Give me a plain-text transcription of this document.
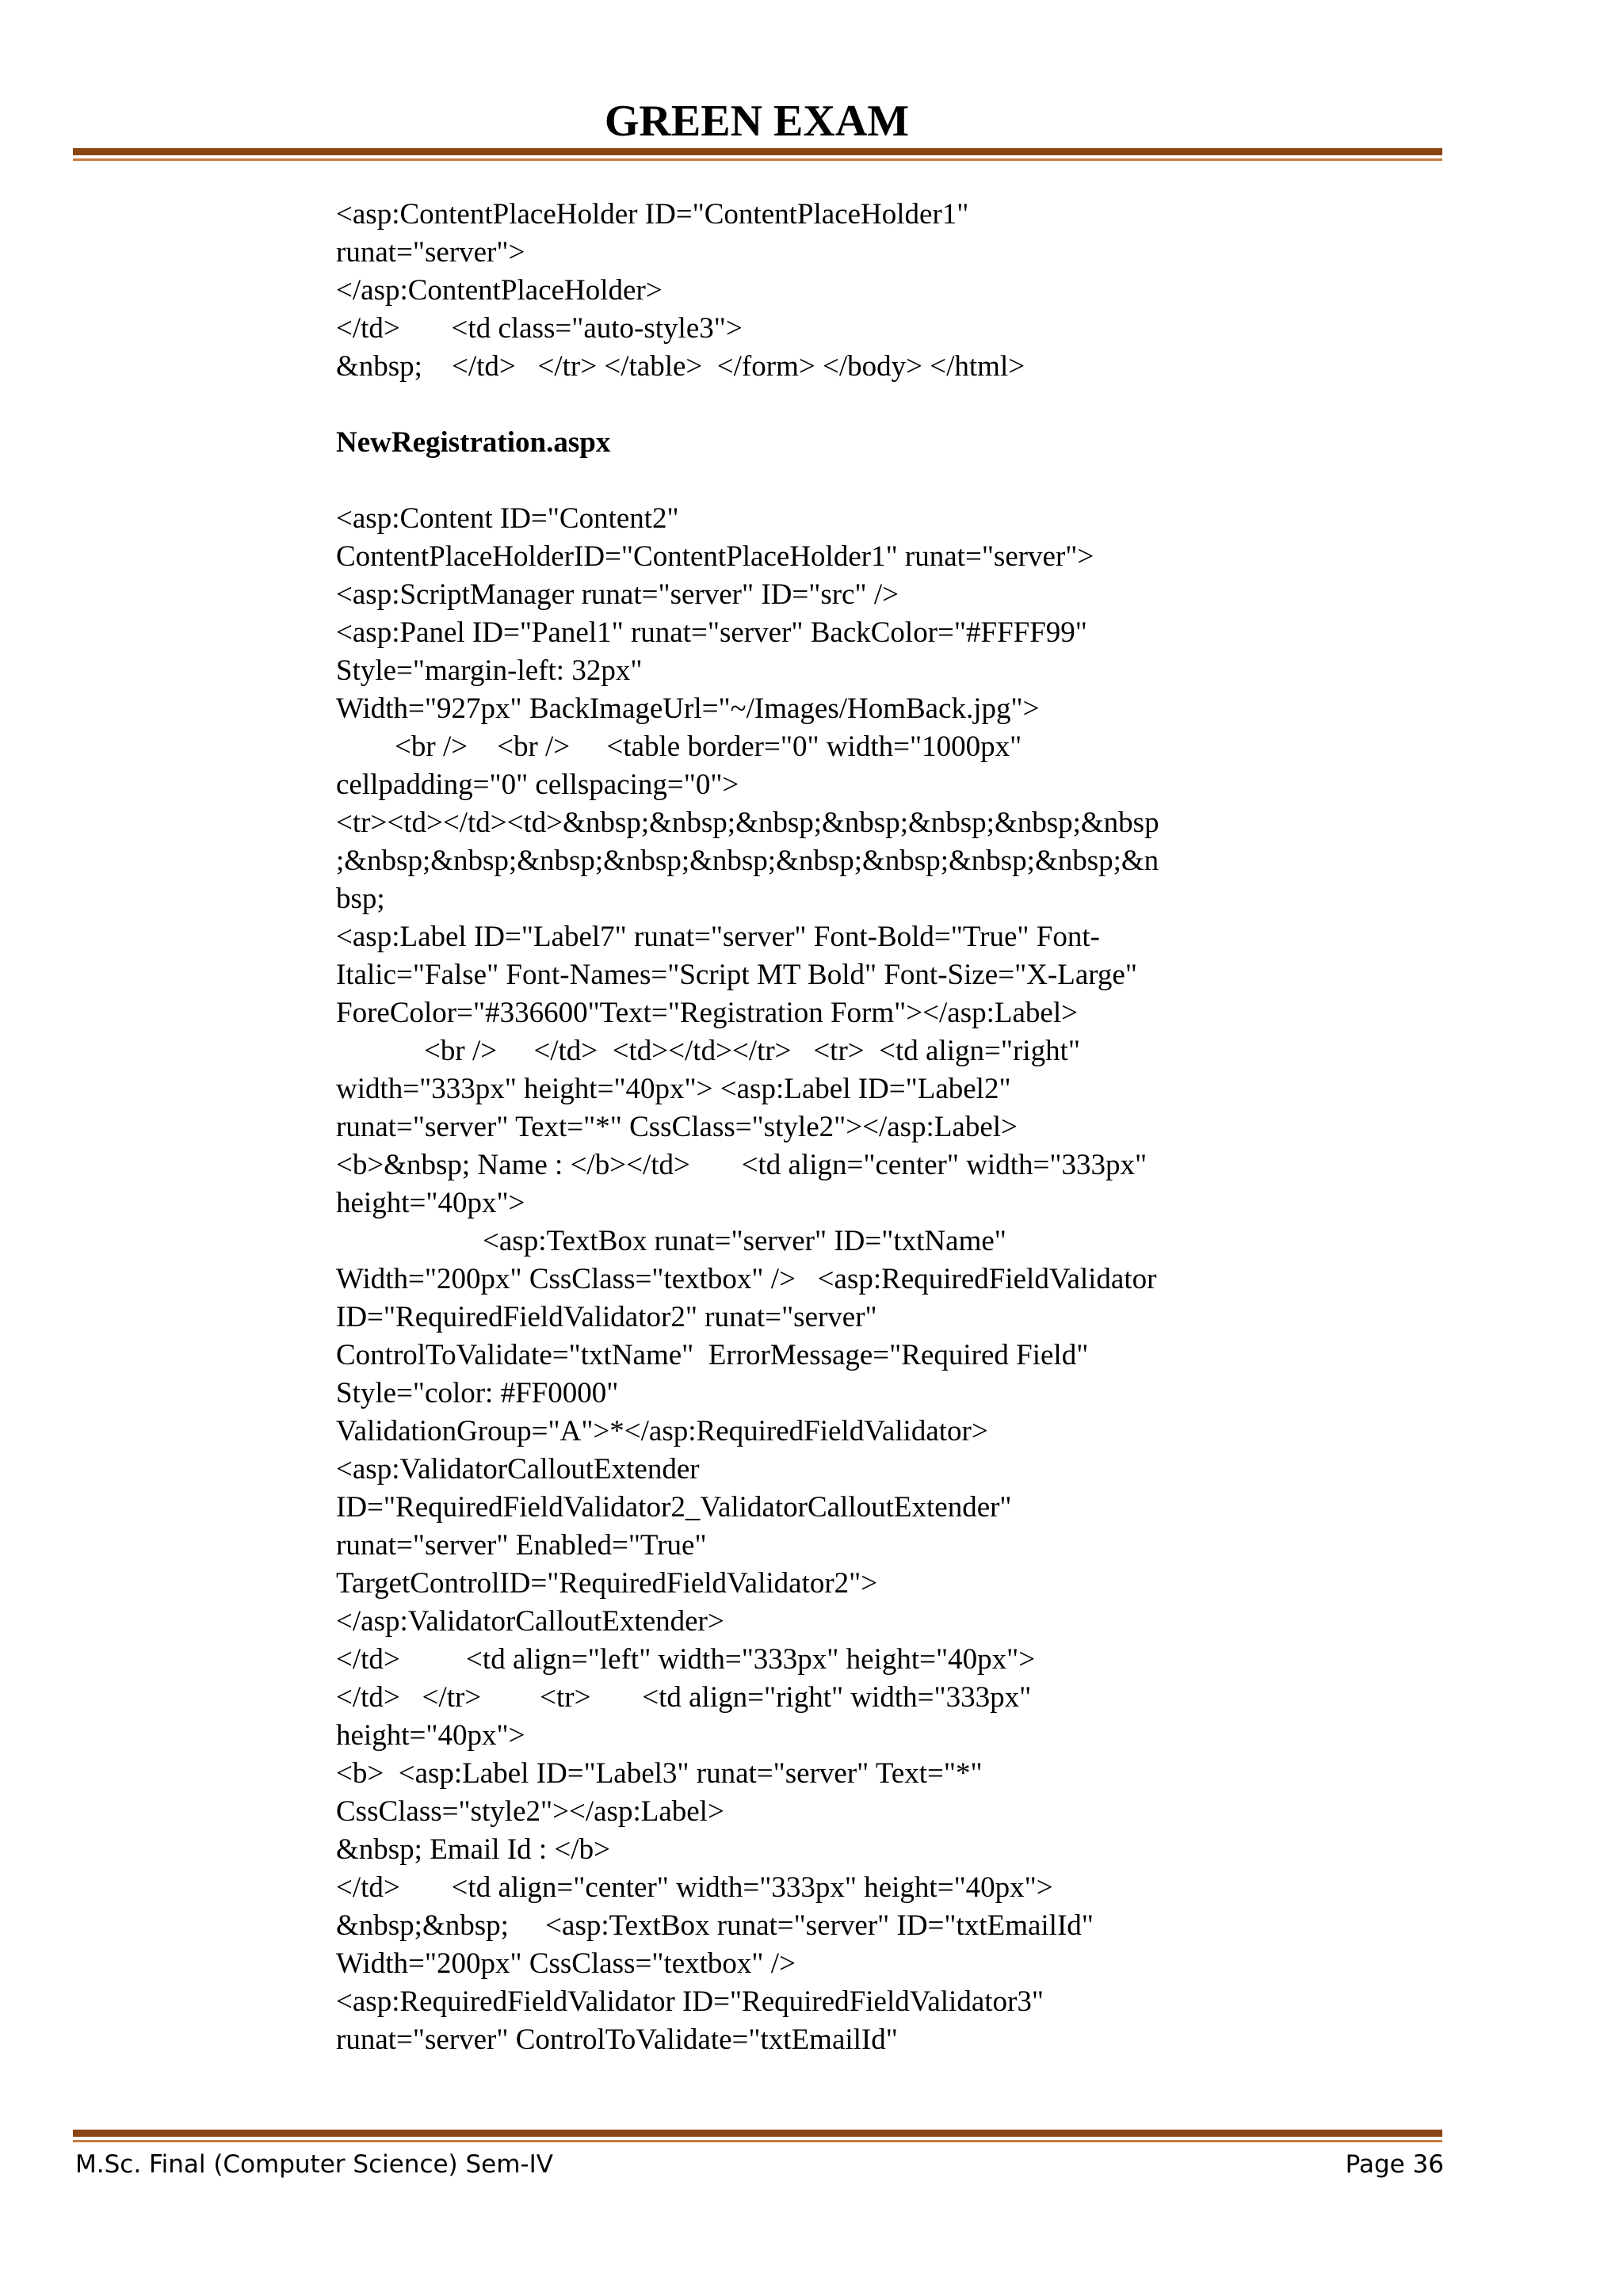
GREEN EXAM
<asp:ContentPlaceHolder ID="ContentPlaceHolder1"
runat="server">
</asp:ContentPlaceHolder>
</td>       <td class="auto-style3">
&nbsp;    </td>   </tr> </table>  </form> </body> </html>
NewRegistration.aspx
<asp:Content ID="Content2"
ContentPlaceHolderID="ContentPlaceHolder1" runat="server">
<asp:ScriptManager runat="server" ID="src" />
<asp:Panel ID="Panel1" runat="server" BackColor="#FFFF99"
Style="margin-left: 32px"
Width="927px" BackImageUrl="~/Images/HomBack.jpg">
<br />    <br />     <table border="0" width="1000px"
cellpadding="0" cellspacing="0">
<tr><td></td><td>&nbsp;&nbsp;&nbsp;&nbsp;&nbsp;&nbsp;&nbsp
;&nbsp;&nbsp;&nbsp;&nbsp;&nbsp;&nbsp;&nbsp;&nbsp;&nbsp;&n
bsp;
<asp:Label ID="Label7" runat="server" Font-Bold="True" Font-
Italic="False" Font-Names="Script MT Bold" Font-Size="X-Large"
ForeColor="#336600"Text="Registration Form"></asp:Label>
<br />     </td>  <td></td></tr>   <tr>  <td align="right"
width="333px" height="40px"> <asp:Label ID="Label2"
runat="server" Text="*" CssClass="style2"></asp:Label>
<b>&nbsp; Name : </b></td>       <td align="center" width="333px"
height="40px">
<asp:TextBox runat="server" ID="txtName"
Width="200px" CssClass="textbox" />   <asp:RequiredFieldValidator
ID="RequiredFieldValidator2" runat="server"
ControlToValidate="txtName"  ErrorMessage="Required Field"
Style="color: #FF0000"
ValidationGroup="A">*</asp:RequiredFieldValidator>
<asp:ValidatorCalloutExtender
ID="RequiredFieldValidator2_ValidatorCalloutExtender"
runat="server" Enabled="True"
TargetControlID="RequiredFieldValidator2">
</asp:ValidatorCalloutExtender>
</td>         <td align="left" width="333px" height="40px">
</td>   </tr>        <tr>       <td align="right" width="333px"
height="40px">
<b>  <asp:Label ID="Label3" runat="server" Text="*"
CssClass="style2"></asp:Label>
&nbsp; Email Id : </b>
</td>       <td align="center" width="333px" height="40px">
&nbsp;&nbsp;     <asp:TextBox runat="server" ID="txtEmailId"
Width="200px" CssClass="textbox" />
<asp:RequiredFieldValidator ID="RequiredFieldValidator3"
runat="server" ControlToValidate="txtEmailId"
M.Sc. Final (Computer Science) Sem-IV	Page 36
